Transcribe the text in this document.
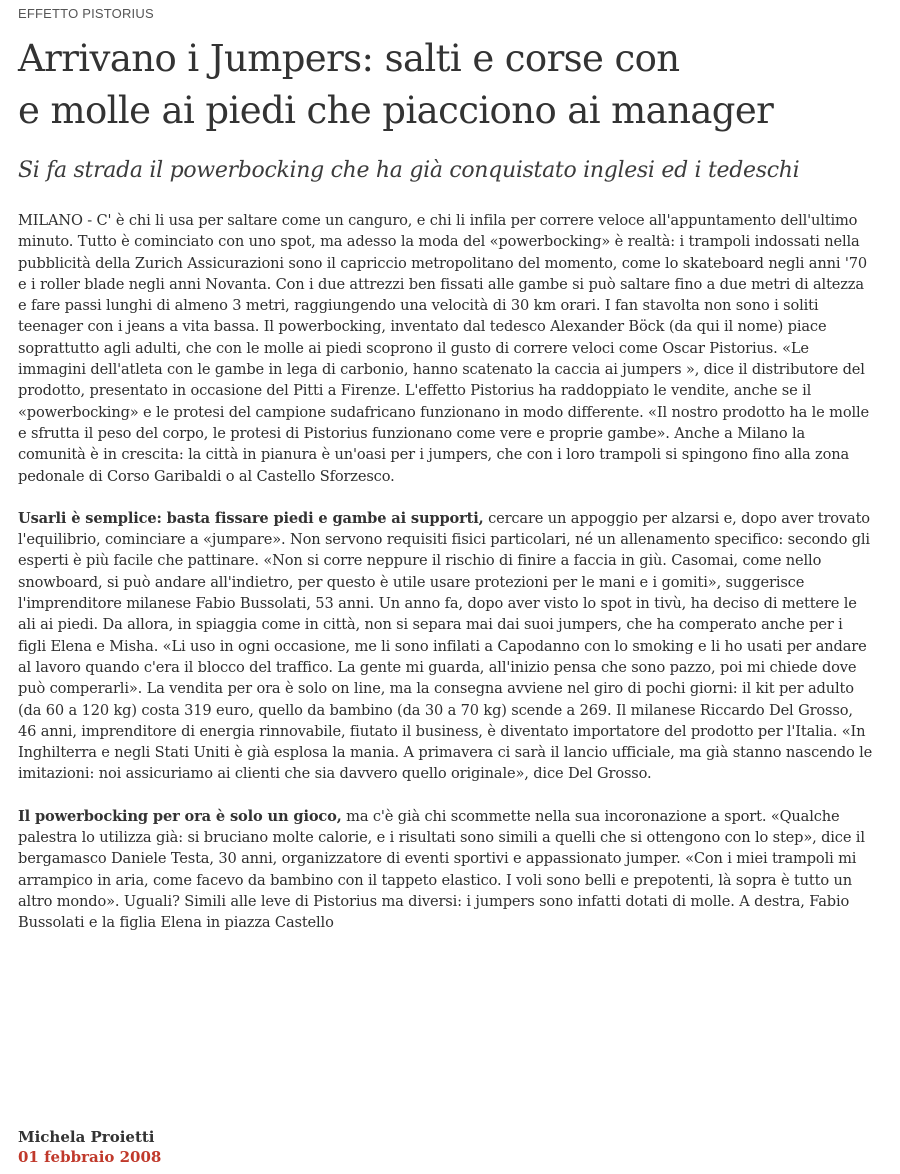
EFFETTO PISTORIUS
Arrivano i Jumpers: salti e corse con
e molle ai piedi che piacciono ai manager
Si fa strada il powerbocking che ha già conquistato inglesi ed i tedeschi

MILANO - C' è chi li usa per saltare come un canguro, e chi li infila per correre veloce all'appuntamento dell'ultimo minuto. Tutto è cominciato con uno spot, ma adesso la moda del «powerbocking» è realtà: i trampoli indossati nella pubblicità della Zurich Assicurazioni sono il capriccio metropolitano del momento, come lo skateboard negli anni '70 e i roller blade negli anni Novanta. Con i due attrezzi ben fissati alle gambe si può saltare fino a due metri di altezza e fare passi lunghi di almeno 3 metri, raggiungendo una velocità di 30 km orari. I fan stavolta non sono i soliti teenager con i jeans a vita bassa. Il powerbocking, inventato dal tedesco Alexander Böck (da qui il nome) piace soprattutto agli adulti, che con le molle ai piedi scoprono il gusto di correre veloci come Oscar Pistorius. «Le immagini dell'atleta con le gambe in lega di carbonio, hanno scatenato la caccia ai jumpers », dice il distributore del prodotto, presentato in occasione del Pitti a Firenze. L'effetto Pistorius ha raddoppiato le vendite, anche se il «powerbocking» e le protesi del campione sudafricano funzionano in modo differente. «Il nostro prodotto ha le molle e sfrutta il peso del corpo, le protesi di Pistorius funzionano come vere e proprie gambe». Anche a Milano la comunità è in crescita: la città in pianura è un'oasi per i jumpers, che con i loro trampoli si spingono fino alla zona pedonale di Corso Garibaldi o al Castello Sforzesco.

Usarli è semplice: basta fissare piedi e gambe ai supporti, cercare un appoggio per alzarsi e, dopo aver trovato l'equilibrio, cominciare a «jumpare». Non servono requisiti fisici particolari, né un allenamento specifico: secondo gli esperti è più facile che pattinare. «Non si corre neppure il rischio di finire a faccia in giù. Casomai, come nello snowboard, si può andare all'indietro, per questo è utile usare protezioni per le mani e i gomiti», suggerisce l'imprenditore milanese Fabio Bussolati, 53 anni. Un anno fa, dopo aver visto lo spot in tivù, ha deciso di mettere le ali ai piedi. Da allora, in spiaggia come in città, non si separa mai dai suoi jumpers, che ha comperato anche per i figli Elena e Misha. «Li uso in ogni occasione, me li sono infilati a Capodanno con lo smoking e li ho usati per andare al lavoro quando c'era il blocco del traffico. La gente mi guarda, all'inizio pensa che sono pazzo, poi mi chiede dove può comperarli». La vendita per ora è solo on line, ma la consegna avviene nel giro di pochi giorni: il kit per adulto (da 60 a 120 kg) costa 319 euro, quello da bambino (da 30 a 70 kg) scende a 269. Il milanese Riccardo Del Grosso, 46 anni, imprenditore di energia rinnovabile, fiutato il business, è diventato importatore del prodotto per l'Italia. «In Inghilterra e negli Stati Uniti è già esplosa la mania. A primavera ci sarà il lancio ufficiale, ma già stanno nascendo le imitazioni: noi assicuriamo ai clienti che sia davvero quello originale», dice Del Grosso.

Il powerbocking per ora è solo un gioco, ma c'è già chi scommette nella sua incoronazione a sport. «Qualche palestra lo utilizza già: si bruciano molte calorie, e i risultati sono simili a quelli che si ottengono con lo step», dice il bergamasco Daniele Testa, 30 anni, organizzatore di eventi sportivi e appassionato jumper. «Con i miei trampoli mi arrampico in aria, come facevo da bambino con il tappeto elastico. I voli sono belli e prepotenti, là sopra è tutto un altro mondo». Uguali? Simili alle leve di Pistorius ma diversi: i jumpers sono infatti dotati di molle. A destra, Fabio Bussolati e la figlia Elena in piazza Castello

Michela Proietti
01 febbraio 2008
